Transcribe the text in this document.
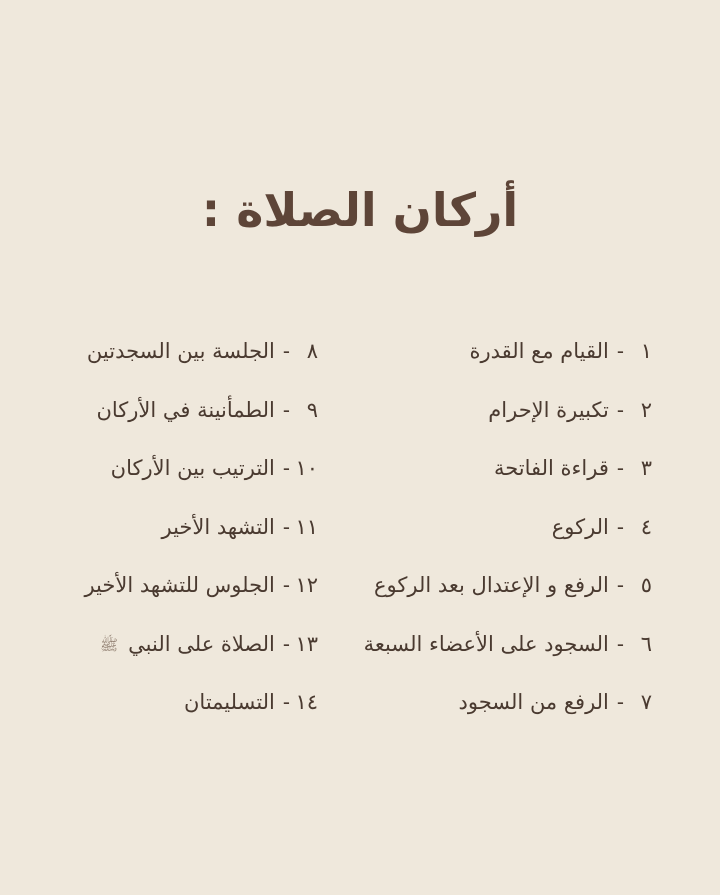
أركان الصلاة :
١-القيام مع القدرة
٢-تكبيرة الإحرام
٣-قراءة الفاتحة
٤-الركوع
٥-الرفع و الإعتدال بعد الركوع
٦-السجود على الأعضاء السبعة
٧-الرفع من السجود
٨-الجلسة بين السجدتين
٩-الطمأنينة في الأركان
١٠-الترتيب بين الأركان
١١-التشهد الأخير
١٢-الجلوس للتشهد الأخير
١٣-الصلاة على النبيﷺ
١٤-التسليمتان
